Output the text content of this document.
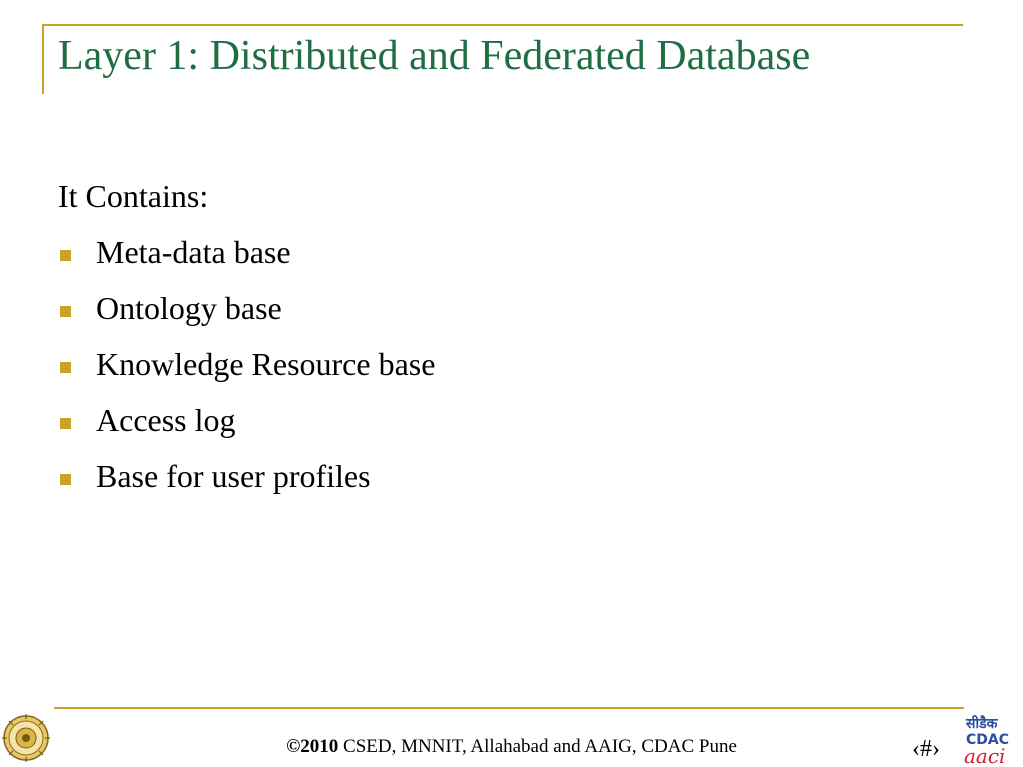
Layer 1: Distributed and Federated Database
It Contains:
Meta-data base
Ontology base
Knowledge Resource base
Access log
Base for user profiles
©2010 CSED, MNNIT, Allahabad and AAIG, CDAC Pune	‹#›
सीडैक
CDAC
aaci
